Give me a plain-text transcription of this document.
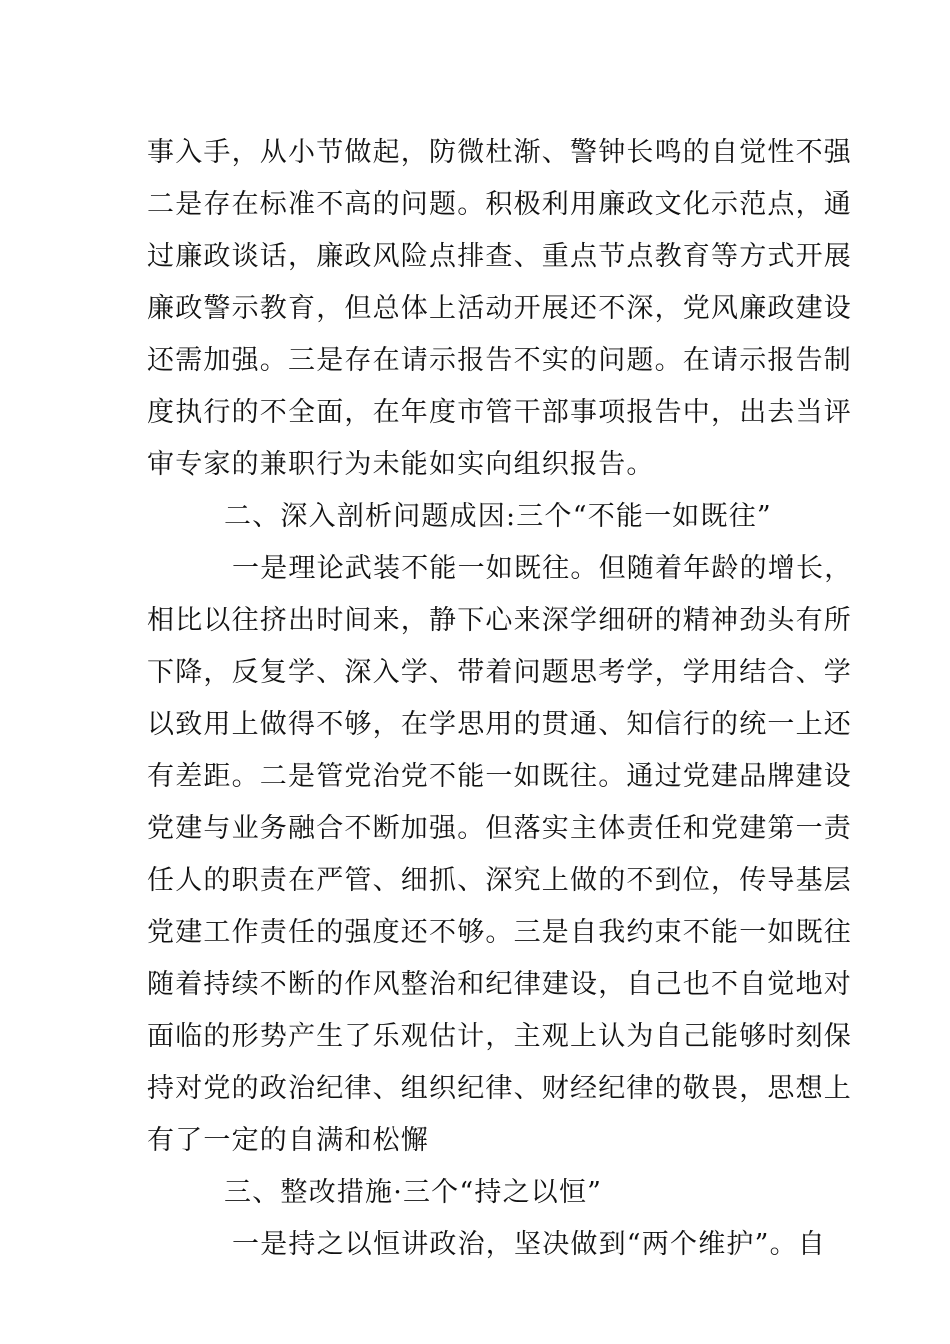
事入手，从小节做起，防微杜渐、警钟长鸣的自觉性不强
二是存在标准不高的问题。积极利用廉政文化示范点，通
过廉政谈话，廉政风险点排查、重点节点教育等方式开展
廉政警示教育，但总体上活动开展还不深，党风廉政建设
还需加强。三是存在请示报告不实的问题。在请示报告制
度执行的不全面，在年度市管干部事项报告中，出去当评
审专家的兼职行为未能如实向组织报告。
二、深入剖析问题成因:三个“不能一如既往”
一是理论武装不能一如既往。但随着年龄的增长，
相比以往挤出时间来，静下心来深学细研的精神劲头有所
下降，反复学、深入学、带着问题思考学，学用结合、学
以致用上做得不够，在学思用的贯通、知信行的统一上还
有差距。二是管党治党不能一如既往。通过党建品牌建设
党建与业务融合不断加强。但落实主体责任和党建第一责
任人的职责在严管、细抓、深究上做的不到位，传导基层
党建工作责任的强度还不够。三是自我约束不能一如既往
随着持续不断的作风整治和纪律建设，自己也不自觉地对
面临的形势产生了乐观估计，主观上认为自己能够时刻保
持对党的政治纪律、组织纪律、财经纪律的敬畏，思想上
有了一定的自满和松懈
三、整改措施·三个“持之以恒”
一是持之以恒讲政治，坚决做到“两个维护”。自
